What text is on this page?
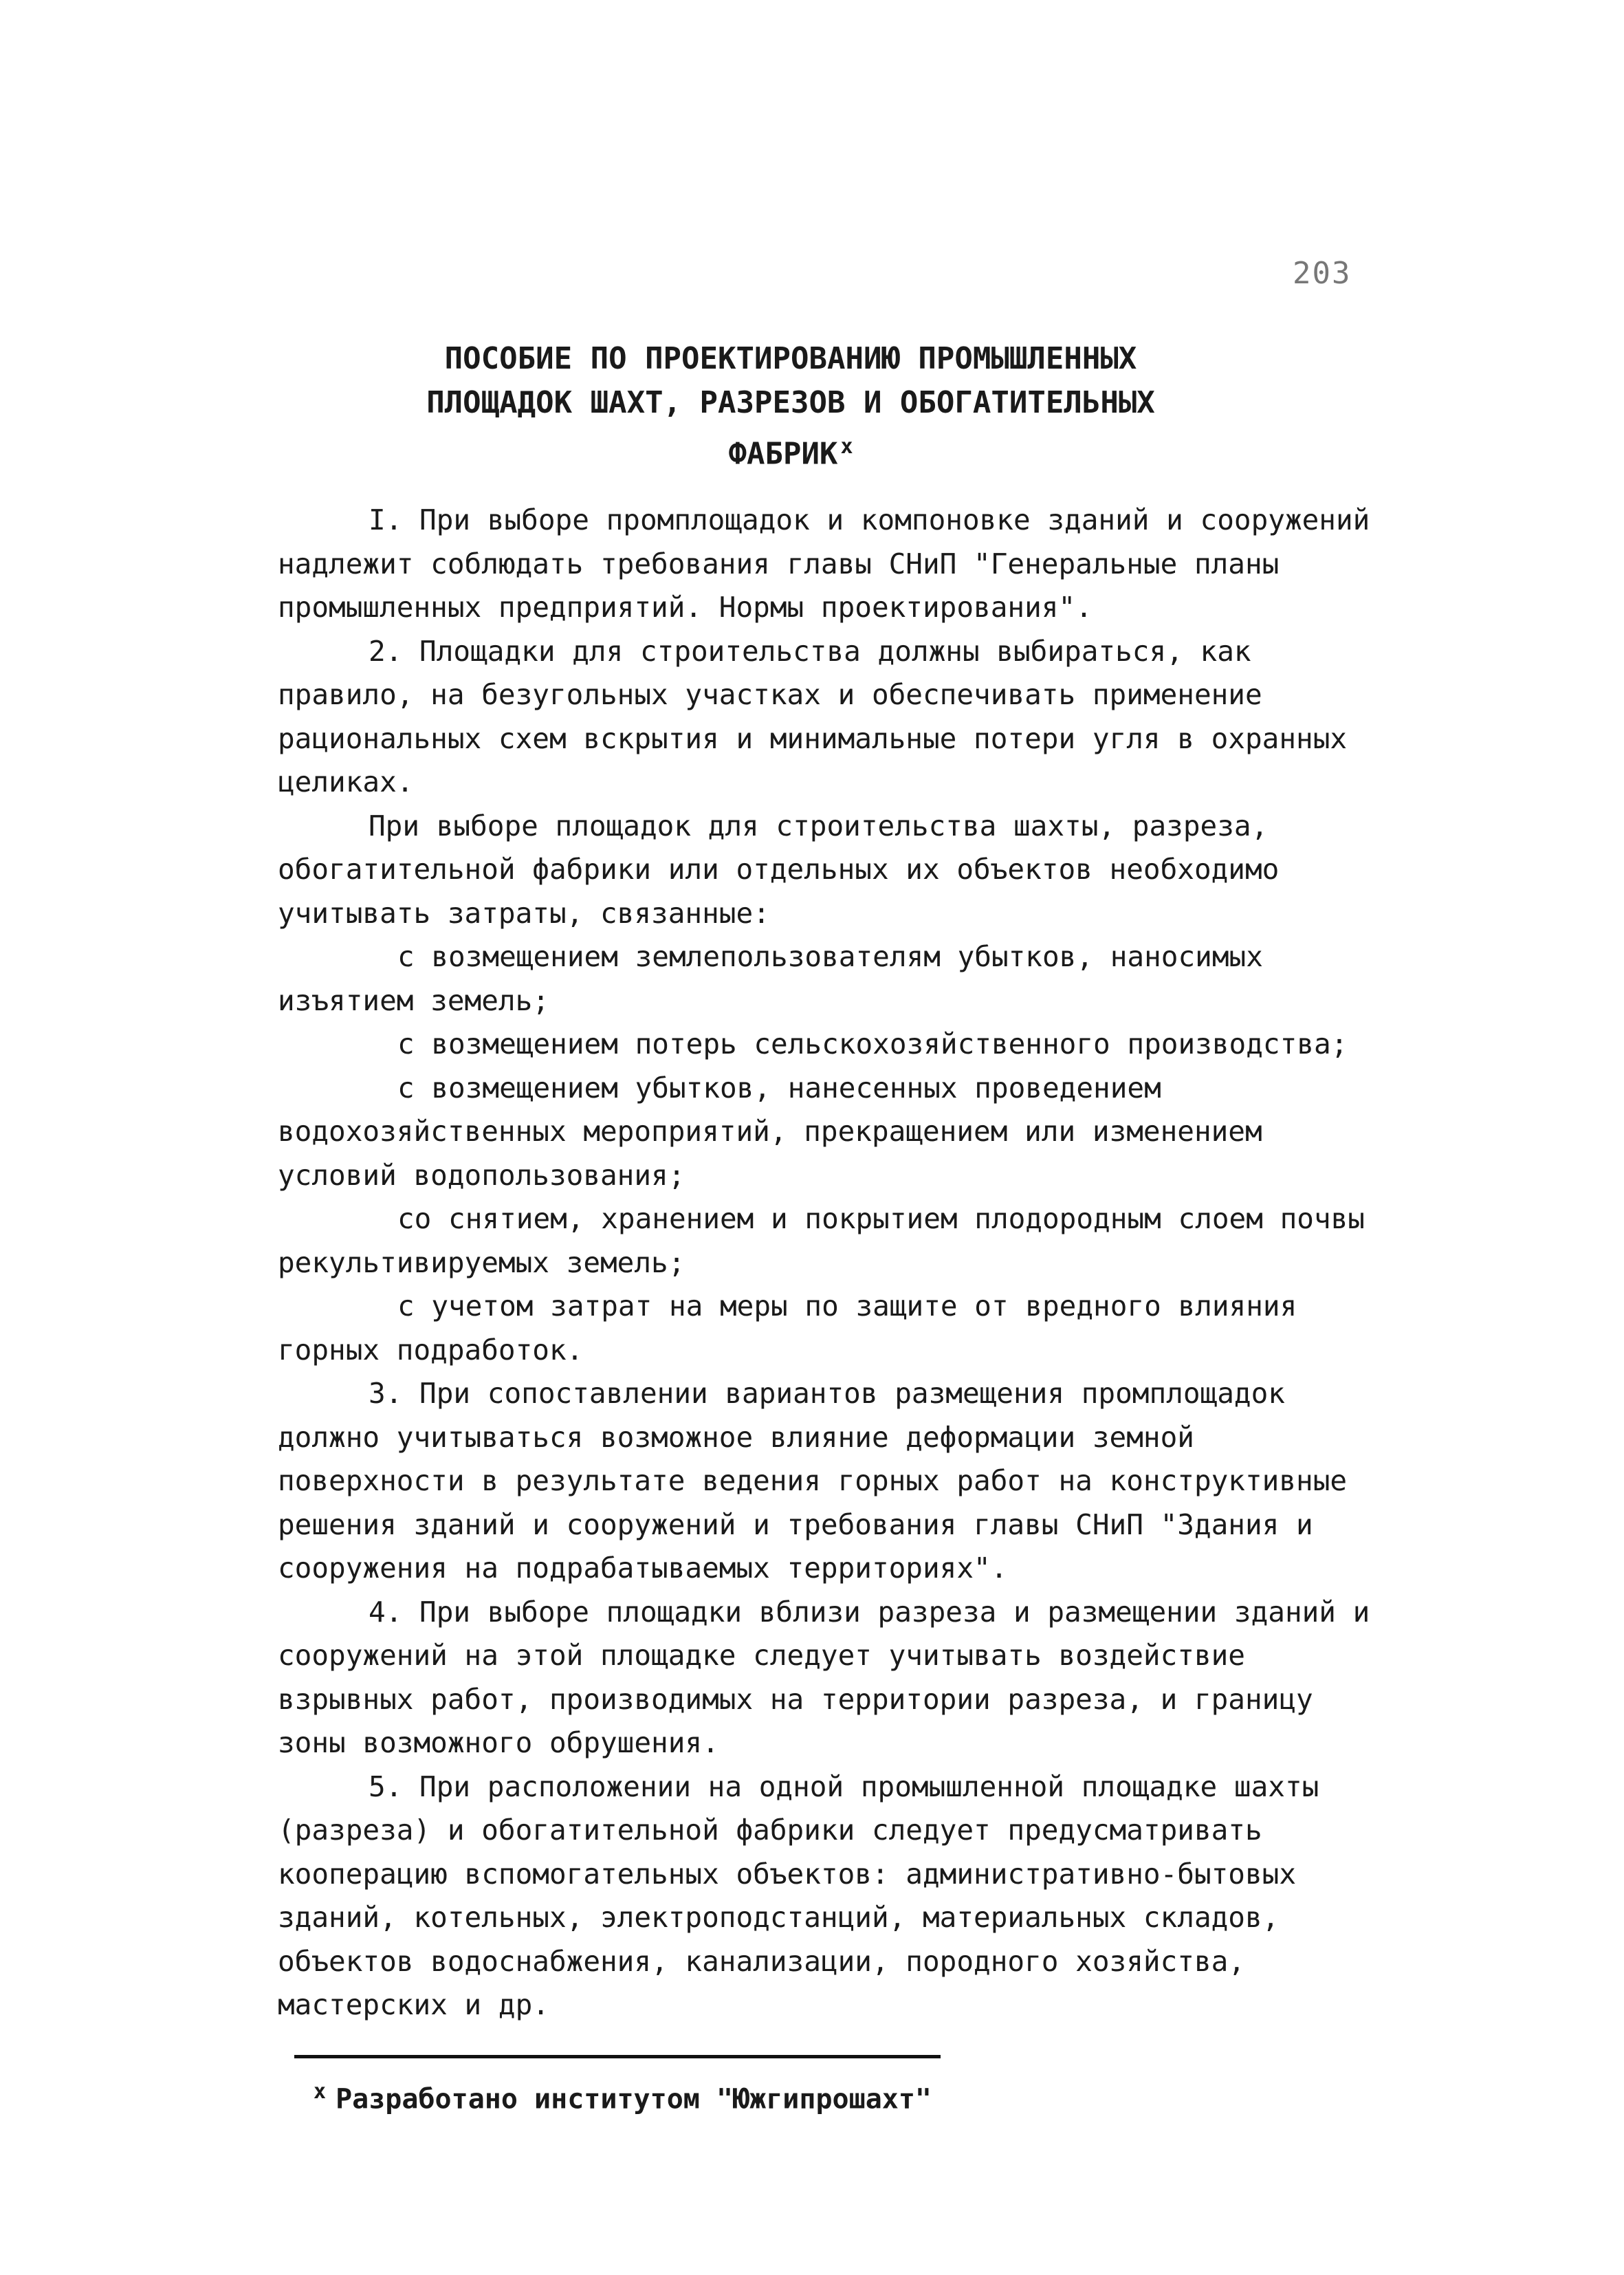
203
ПОСОБИЕ ПО ПРОЕКТИРОВАНИЮ ПРОМЫШЛЕННЫХ
ПЛОЩАДОК ШАХТ, РАЗРЕЗОВ И ОБОГАТИТЕЛЬНЫХ
ФАБРИК $^x$

I. При выборе промплощадок и компоновке зданий и сооружений надлежит соблюдать требования главы СНиП "Генеральные планы промышленных предприятий. Нормы проектирования".

2. Площадки для строительства должны выбираться, как правило, на безугольных участках и обеспечивать применение рациональных схем вскрытия и минимальные потери угля в охранных целиках.

При выборе площадок для строительства шахты, разреза, обогатительной фабрики или отдельных их объектов необходимо учитывать затраты, связанные:

с возмещением землепользователям убытков, наносимых изъятием земель;

с возмещением потерь сельскохозяйственного производства;

с возмещением убытков, нанесенных проведением водохозяйственных мероприятий, прекращением или изменением условий водопользования;

со снятием, хранением и покрытием плодородным слоем почвы рекультивируемых земель;

с учетом затрат на меры по защите от вредного влияния горных подработок.

3. При сопоставлении вариантов размещения промплощадок должно учитываться возможное влияние деформации земной поверхности в результате ведения горных работ на конструктивные решения зданий и сооружений и требования главы СНиП "Здания и сооружения на подрабатываемых территориях".

4. При выборе площадки вблизи разреза и размещении зданий и сооружений на этой площадке следует учитывать воздействие взрывных работ, производимых на территории разреза, и границу зоны возможного обрушения.

5. При расположении на одной промышленной площадке шахты (разреза) и обогатительной фабрики следует предусматривать кооперацию вспомогательных объектов: административно-бытовых зданий, котельных, электроподстанций, материальных складов, объектов водоснабжения, канализации, породного хозяйства, мастерских и др.

$^x$ Разработано институтом "Южгипрошахт"
